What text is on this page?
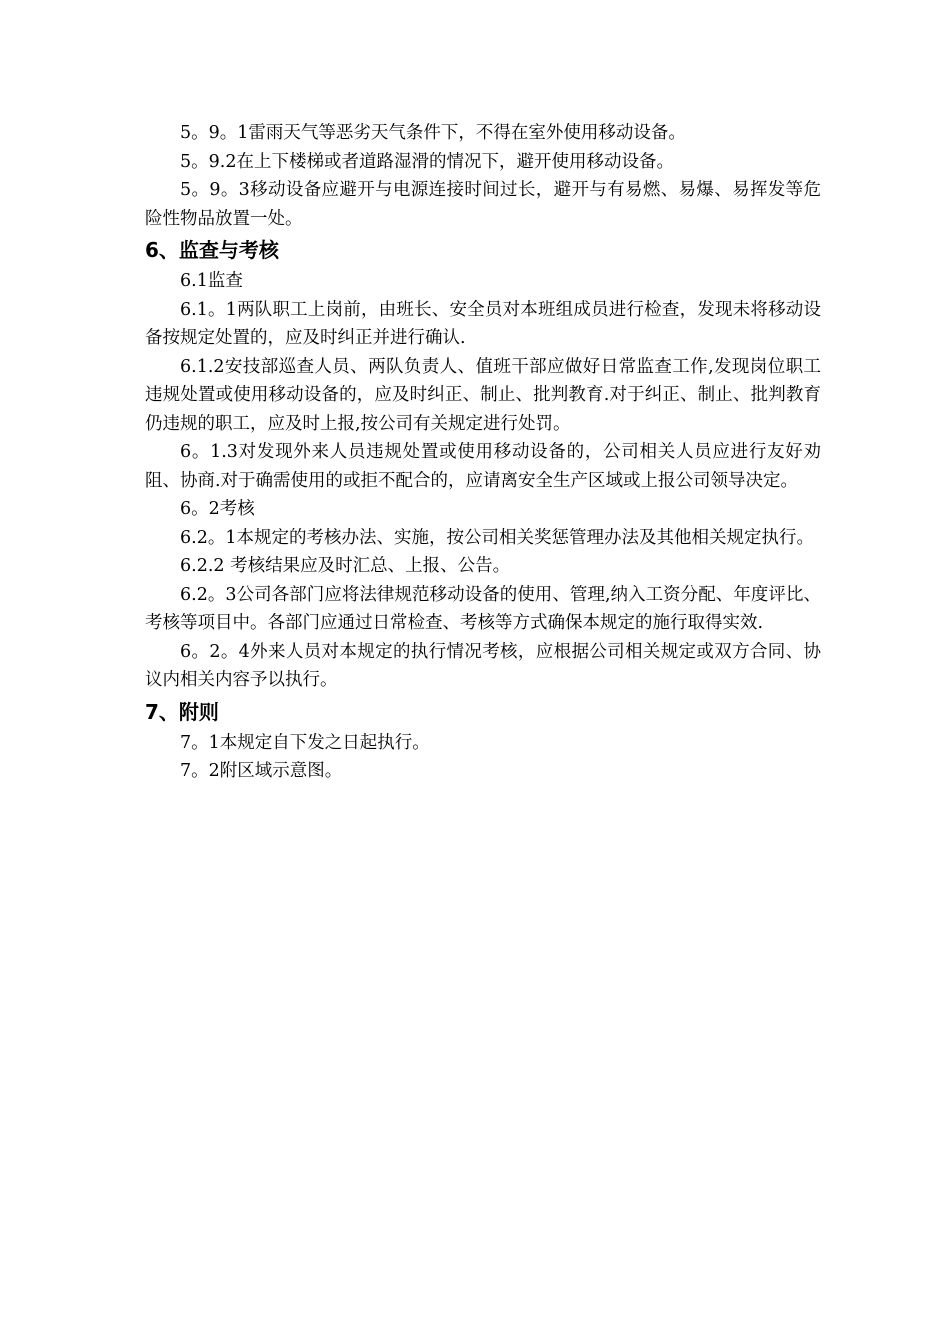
5。9。1雷雨天气等恶劣天气条件下，不得在室外使用移动设备。

5。9.2在上下楼梯或者道路湿滑的情况下，避开使用移动设备。

5。9。3移动设备应避开与电源连接时间过长，避开与有易燃、易爆、易挥发等危险性物品放置一处。

6、监查与考核

6.1监查

6.1。1两队职工上岗前，由班长、安全员对本班组成员进行检查，发现未将移动设备按规定处置的，应及时纠正并进行确认.

6.1.2安技部巡查人员、两队负责人、值班干部应做好日常监查工作,发现岗位职工违规处置或使用移动设备的，应及时纠正、制止、批判教育.对于纠正、制止、批判教育仍违规的职工，应及时上报,按公司有关规定进行处罚。

6。1.3对发现外来人员违规处置或使用移动设备的，公司相关人员应进行友好劝阻、协商.对于确需使用的或拒不配合的，应请离安全生产区域或上报公司领导决定。

6。2考核

6.2。1本规定的考核办法、实施，按公司相关奖惩管理办法及其他相关规定执行。

6.2.2 考核结果应及时汇总、上报、公告。

6.2。3公司各部门应将法律规范移动设备的使用、管理,纳入工资分配、年度评比、考核等项目中。各部门应通过日常检查、考核等方式确保本规定的施行取得实效.

6。2。4外来人员对本规定的执行情况考核，应根据公司相关规定或双方合同、协议内相关内容予以执行。

7、附则

7。1本规定自下发之日起执行。

7。2附区域示意图。
